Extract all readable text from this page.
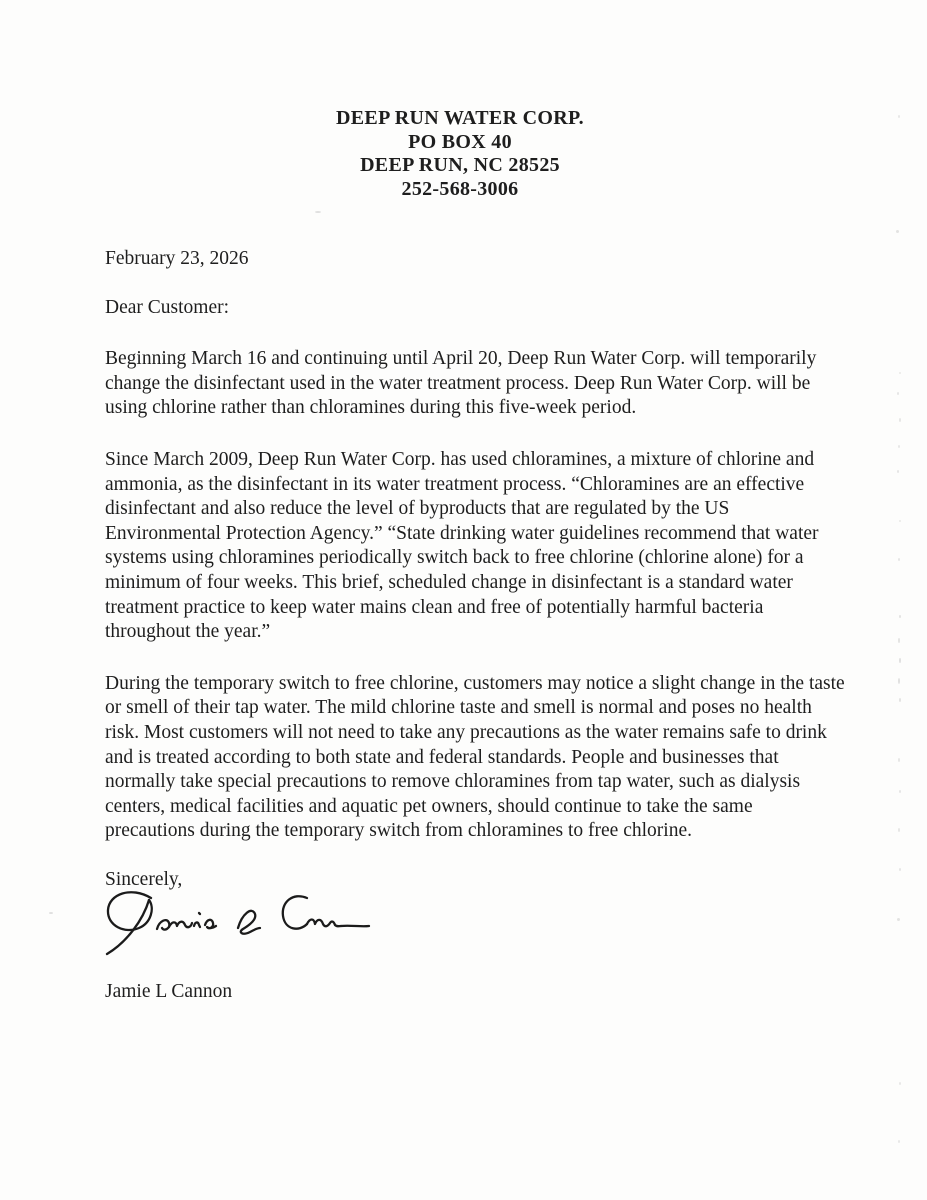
DEEP RUN WATER CORP.
PO BOX 40
DEEP RUN, NC 28525
252-568-3006

February 23, 2026

Dear Customer:

Beginning March 16 and continuing until April 20, Deep Run Water Corp. will temporarily change the disinfectant used in the water treatment process. Deep Run Water Corp. will be using chlorine rather than chloramines during this five-week period.

Since March 2009, Deep Run Water Corp. has used chloramines, a mixture of chlorine and ammonia, as the disinfectant in its water treatment process. “Chloramines are an effective disinfectant and also reduce the level of byproducts that are regulated by the US Environmental Protection Agency.” “State drinking water guidelines recommend that water systems using chloramines periodically switch back to free chlorine (chlorine alone) for a minimum of four weeks. This brief, scheduled change in disinfectant is a standard water treatment practice to keep water mains clean and free of potentially harmful bacteria throughout the year.”

During the temporary switch to free chlorine, customers may notice a slight change in the taste or smell of their tap water. The mild chlorine taste and smell is normal and poses no health risk. Most customers will not need to take any precautions as the water remains safe to drink and is treated according to both state and federal standards. People and businesses that normally take special precautions to remove chloramines from tap water, such as dialysis centers, medical facilities and aquatic pet owners, should continue to take the same precautions during the temporary switch from chloramines to free chlorine.

Sincerely,

Jamie L Cannon
